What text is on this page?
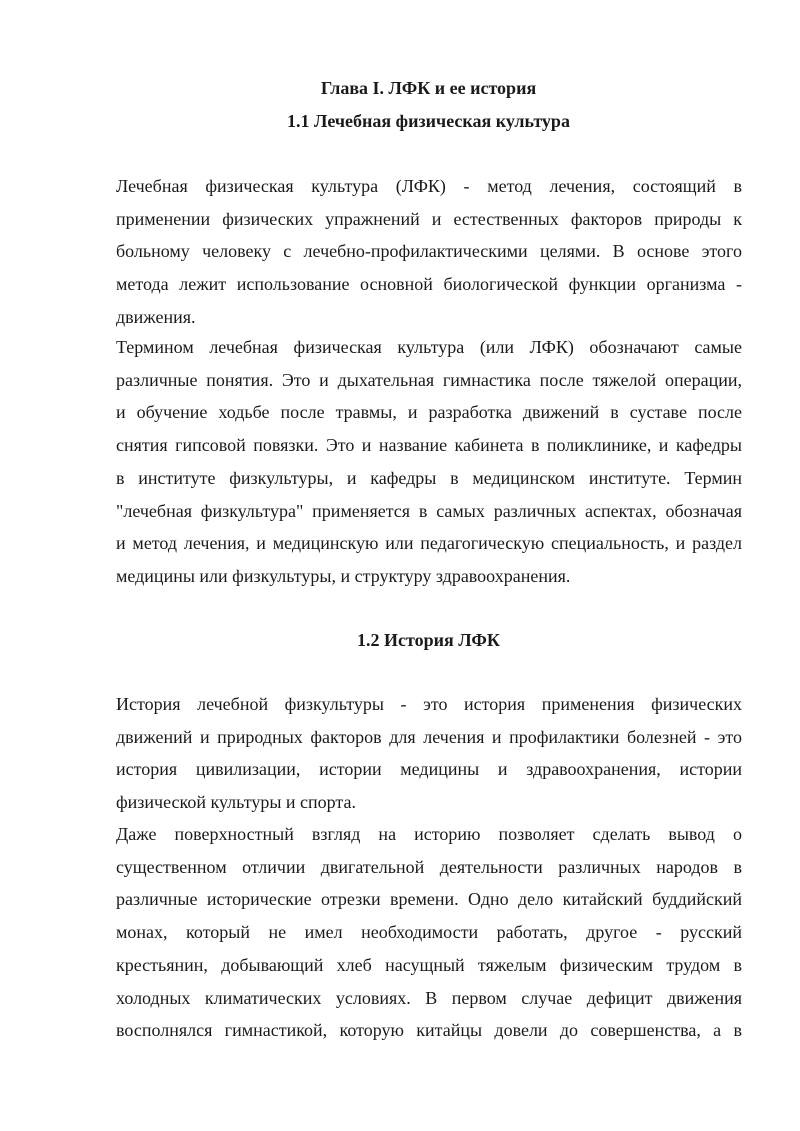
Глава I. ЛФК и ее история
1.1 Лечебная физическая культура
Лечебная физическая культура (ЛФК) - метод лечения, состоящий в
применении физических упражнений и естественных факторов природы к
больному человеку с лечебно-профилактическими целями. В основе этого
метода лежит использование основной биологической функции организма -
движения.
Термином лечебная физическая культура (или ЛФК) обозначают самые
различные понятия. Это и дыхательная гимнастика после тяжелой операции,
и обучение ходьбе после травмы, и разработка движений в суставе после
снятия гипсовой повязки. Это и название кабинета в поликлинике, и кафедры
в институте физкультуры, и кафедры в медицинском институте. Термин
"лечебная физкультура" применяется в самых различных аспектах, обозначая
и метод лечения, и медицинскую или педагогическую специальность, и раздел
медицины или физкультуры, и структуру здравоохранения.
1.2 История ЛФК
История лечебной физкультуры - это история применения физических
движений и природных факторов для лечения и профилактики болезней - это
история цивилизации, истории медицины и здравоохранения, истории
физической культуры и спорта.
Даже поверхностный взгляд на историю позволяет сделать вывод о
существенном отличии двигательной деятельности различных народов в
различные исторические отрезки времени. Одно дело китайский буддийский
монах, который не имел необходимости работать, другое - русский
крестьянин, добывающий хлеб насущный тяжелым физическим трудом в
холодных климатических условиях. В первом случае дефицит движения
восполнялся гимнастикой, которую китайцы довели до совершенства, а в
